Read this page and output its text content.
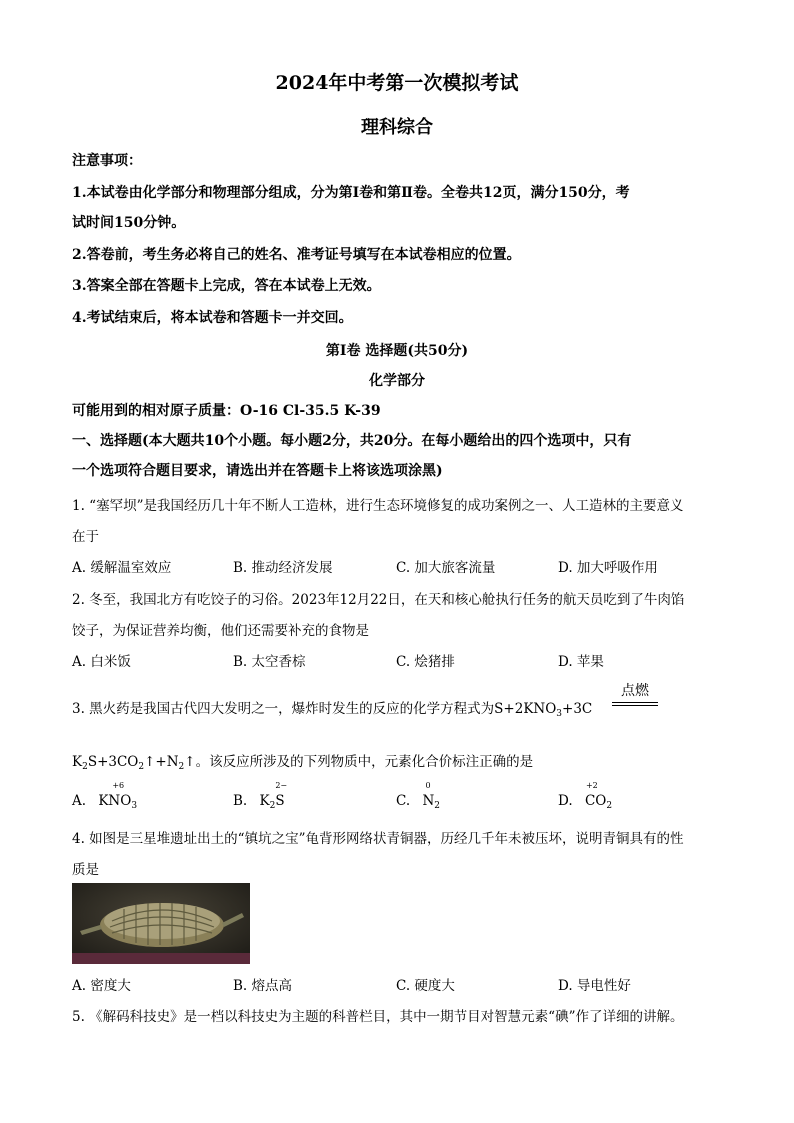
2024年中考第一次模拟考试
理科综合
注意事项：
1.本试卷由化学部分和物理部分组成，分为第Ⅰ卷和第Ⅱ卷。全卷共12页，满分150分，考
试时间150分钟。
2.答卷前，考生务必将自己的姓名、准考证号填写在本试卷相应的位置。
3.答案全部在答题卡上完成，答在本试卷上无效。
4.考试结束后，将本试卷和答题卡一并交回。
第Ⅰ卷 选择题(共50分)
化学部分
可能用到的相对原子质量：O-16 Cl-35.5 K-39
一、选择题(本大题共10个小题。每小题2分，共20分。在每小题给出的四个选项中，只有
一个选项符合题目要求，请选出并在答题卡上将该选项涂黑)
1. “塞罕坝”是我国经历几十年不断人工造林，进行生态环境修复的成功案例之一、人工造林的主要意义
在于
A. 缓解温室效应	B. 推动经济发展	C. 加大旅客流量	D. 加大呼吸作用
2. 冬至，我国北方有吃饺子的习俗。2023年12月22日，在天和核心舱执行任务的航天员吃到了牛肉馅
饺子，为保证营养均衡，他们还需要补充的食物是
A. 白米饭	B. 太空香棕	C. 烩猪排	D. 苹果
3. 黑火药是我国古代四大发明之一，爆炸时发生的反应的化学方程式为$S+2KNO_3+3C$
点燃
$K_2S+3CO_2↑+N_2↑$。该反应所涉及的下列物质中，元素化合价标注正确的是
A.
+6
$KNO_3$	B. $K_2$
2−
S	C.
0
$N_2$	D.
+2
$CO_2$
4. 如图是三星堆遗址出土的“镇坑之宝”龟背形网络状青铜器，历经几千年未被压坏，说明青铜具有的性
质是
A. 密度大	B. 熔点高	C. 硬度大	D. 导电性好
5. 《解码科技史》是一档以科技史为主题的科普栏目，其中一期节目对智慧元素“碘”作了详细的讲解。
